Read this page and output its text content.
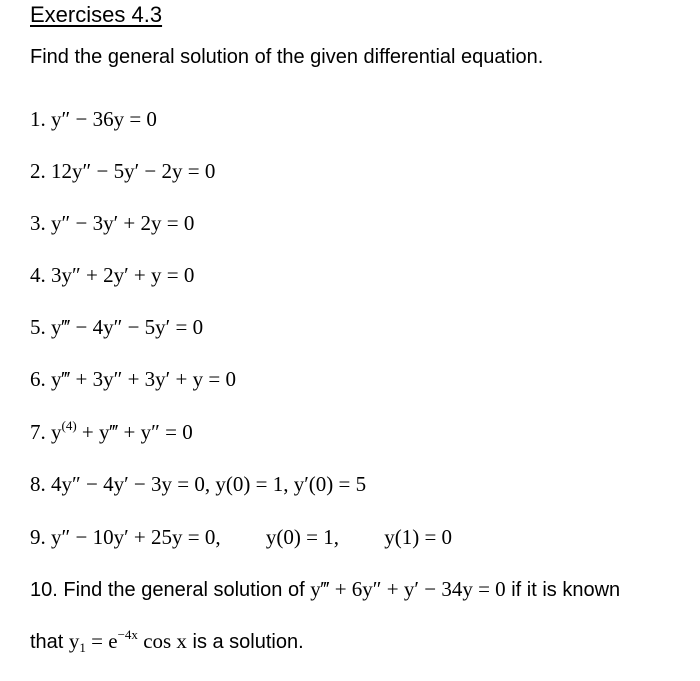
Exercises 4.3
Find the general solution of the given differential equation.
1. y″ − 36y = 0
2. 12y″ − 5y′ − 2y = 0
3. y″ − 3y′ + 2y = 0
4. 3y″ + 2y′ + y = 0
5. y‴ − 4y″ − 5y′ = 0
6. y‴ + 3y″ + 3y′ + y = 0
7. $y^{(4)}$ + y‴ + y″ = 0
8. 4y″ − 4y′ − 3y = 0, y(0) = 1, y′(0) = 5
9. y″ − 10y′ + 25y = 0, y(0) = 1, y(1) = 0
10. Find the general solution of y‴ + 6y″ + y′ − 34y = 0 if it is known
that $y_1 = e^{-4x}$ cos x is a solution.
